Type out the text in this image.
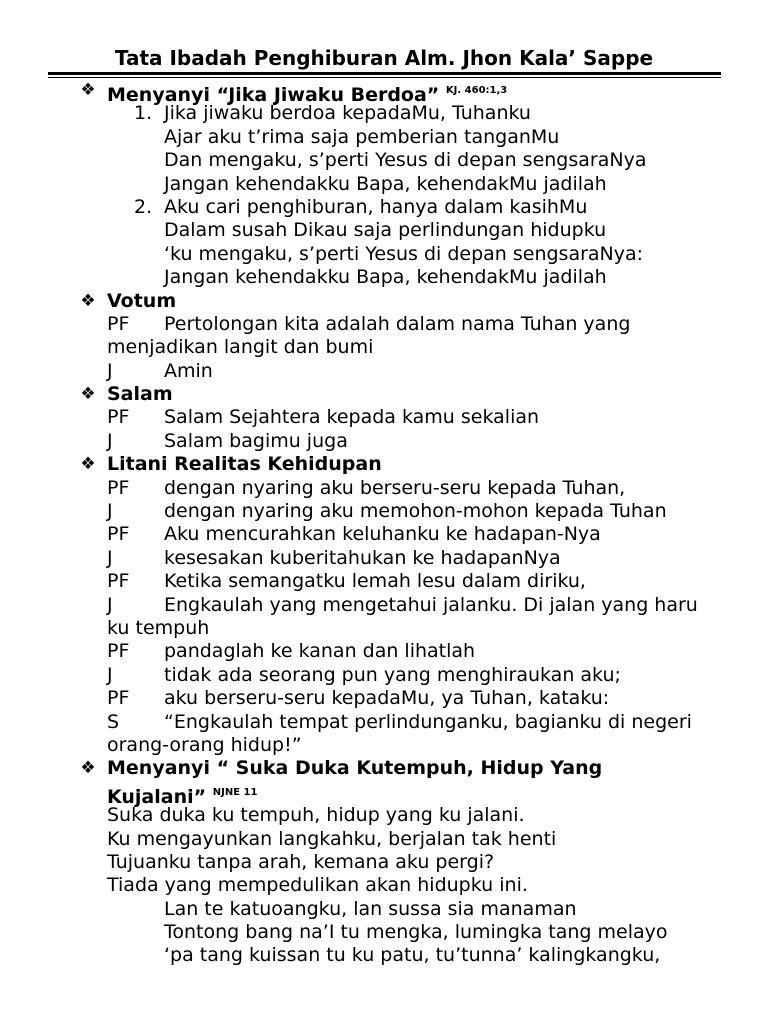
Tata Ibadah Penghiburan Alm. Jhon Kala’ Sappe
❖ Menyanyi “Jika Jiwaku Berdoa” $^{KJ. 460:1,3}$
1. Jika jiwaku berdoa kepadaMu, Tuhanku
Ajar aku t’rima saja pemberian tanganMu
Dan mengaku, s’perti Yesus di depan sengsaraNya
Jangan kehendakku Bapa, kehendakMu jadilah
2. Aku cari penghiburan, hanya dalam kasihMu
Dalam susah Dikau saja perlindungan hidupku
‘ku mengaku, s’perti Yesus di depan sengsaraNya:
Jangan kehendakku Bapa, kehendakMu jadilah
❖ Votum
PF Pertolongan kita adalah dalam nama Tuhan yang
menjadikan langit dan bumi
J	Amin
❖ Salam
PF Salam Sejahtera kepada kamu sekalian
J	Salam bagimu juga
❖ Litani Realitas Kehidupan
PF dengan nyaring aku berseru-seru kepada Tuhan,
J	dengan nyaring aku memohon-mohon kepada Tuhan
PF Aku mencurahkan keluhanku ke hadapan-Nya
J	kesesakan kuberitahukan ke hadapanNya
PF Ketika semangatku lemah lesu dalam diriku,
J	Engkaulah yang mengetahui jalanku. Di jalan yang haru
ku tempuh
PF pandaglah ke kanan dan lihatlah
J	tidak ada seorang pun yang menghiraukan aku;
PF aku berseru-seru kepadaMu, ya Tuhan, kataku:
S “Engkaulah tempat perlindunganku, bagianku di negeri
orang-orang hidup!”
❖ Menyanyi “ Suka Duka Kutempuh, Hidup Yang
Kujalani” $^{NJNE 11}$
Suka duka ku tempuh, hidup yang ku jalani.
Ku mengayunkan langkahku, berjalan tak henti
Tujuanku tanpa arah, kemana aku pergi?
Tiada yang mempedulikan akan hidupku ini.
Lan te katuoangku, lan sussa sia manaman
Tontong bang na’I tu mengka, lumingka tang melayo
‘pa tang kuissan tu ku patu, tu’tunna’ kalingkangku,
